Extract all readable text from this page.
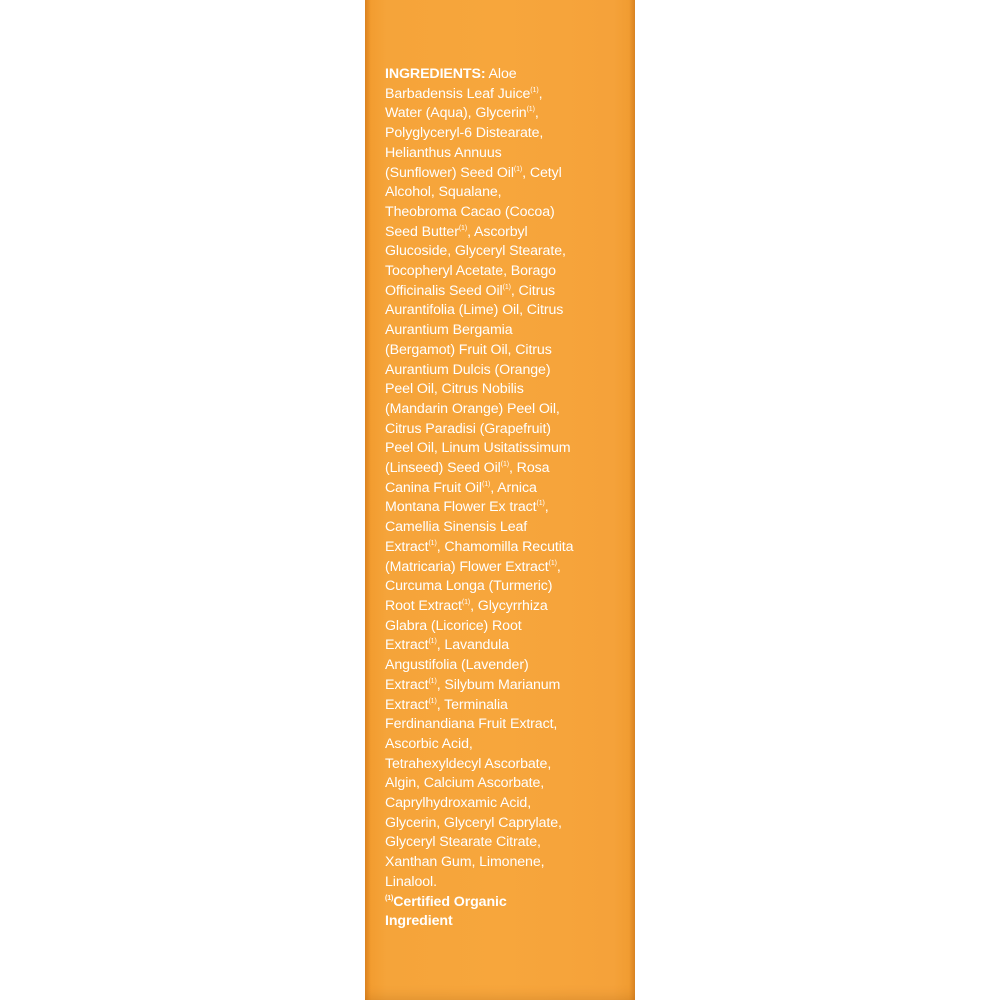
INGREDIENTS: Aloe
Barbadensis Leaf Juice$^{(1)}$,
Water (Aqua), Glycerin$^{(1)}$,
Polyglyceryl-6 Distearate,
Helianthus Annuus
(Sunflower) Seed Oil$^{(1)}$, Cetyl
Alcohol, Squalane,
Theobroma Cacao (Cocoa)
Seed Butter$^{(1)}$, Ascorbyl
Glucoside, Glyceryl Stearate,
Tocopheryl Acetate, Borago
Officinalis Seed Oil$^{(1)}$, Citrus
Aurantifolia (Lime) Oil, Citrus
Aurantium Bergamia
(Bergamot) Fruit Oil, Citrus
Aurantium Dulcis (Orange)
Peel Oil, Citrus Nobilis
(Mandarin Orange) Peel Oil,
Citrus Paradisi (Grapefruit)
Peel Oil, Linum Usitatissimum
(Linseed) Seed Oil$^{(1)}$, Rosa
Canina Fruit Oil$^{(1)}$, Arnica
Montana Flower Ex tract$^{(1)}$,
Camellia Sinensis Leaf
Extract$^{(1)}$, Chamomilla Recutita
(Matricaria) Flower Extract$^{(1)}$,
Curcuma Longa (Turmeric)
Root Extract$^{(1)}$, Glycyrrhiza
Glabra (Licorice) Root
Extract$^{(1)}$, Lavandula
Angustifolia (Lavender)
Extract$^{(1)}$, Silybum Marianum
Extract$^{(1)}$, Terminalia
Ferdinandiana Fruit Extract,
Ascorbic Acid,
Tetrahexyldecyl Ascorbate,
Algin, Calcium Ascorbate,
Caprylhydroxamic Acid,
Glycerin, Glyceryl Caprylate,
Glyceryl Stearate Citrate,
Xanthan Gum, Limonene,
Linalool.
$^{(1)}$Certified Organic
Ingredient
